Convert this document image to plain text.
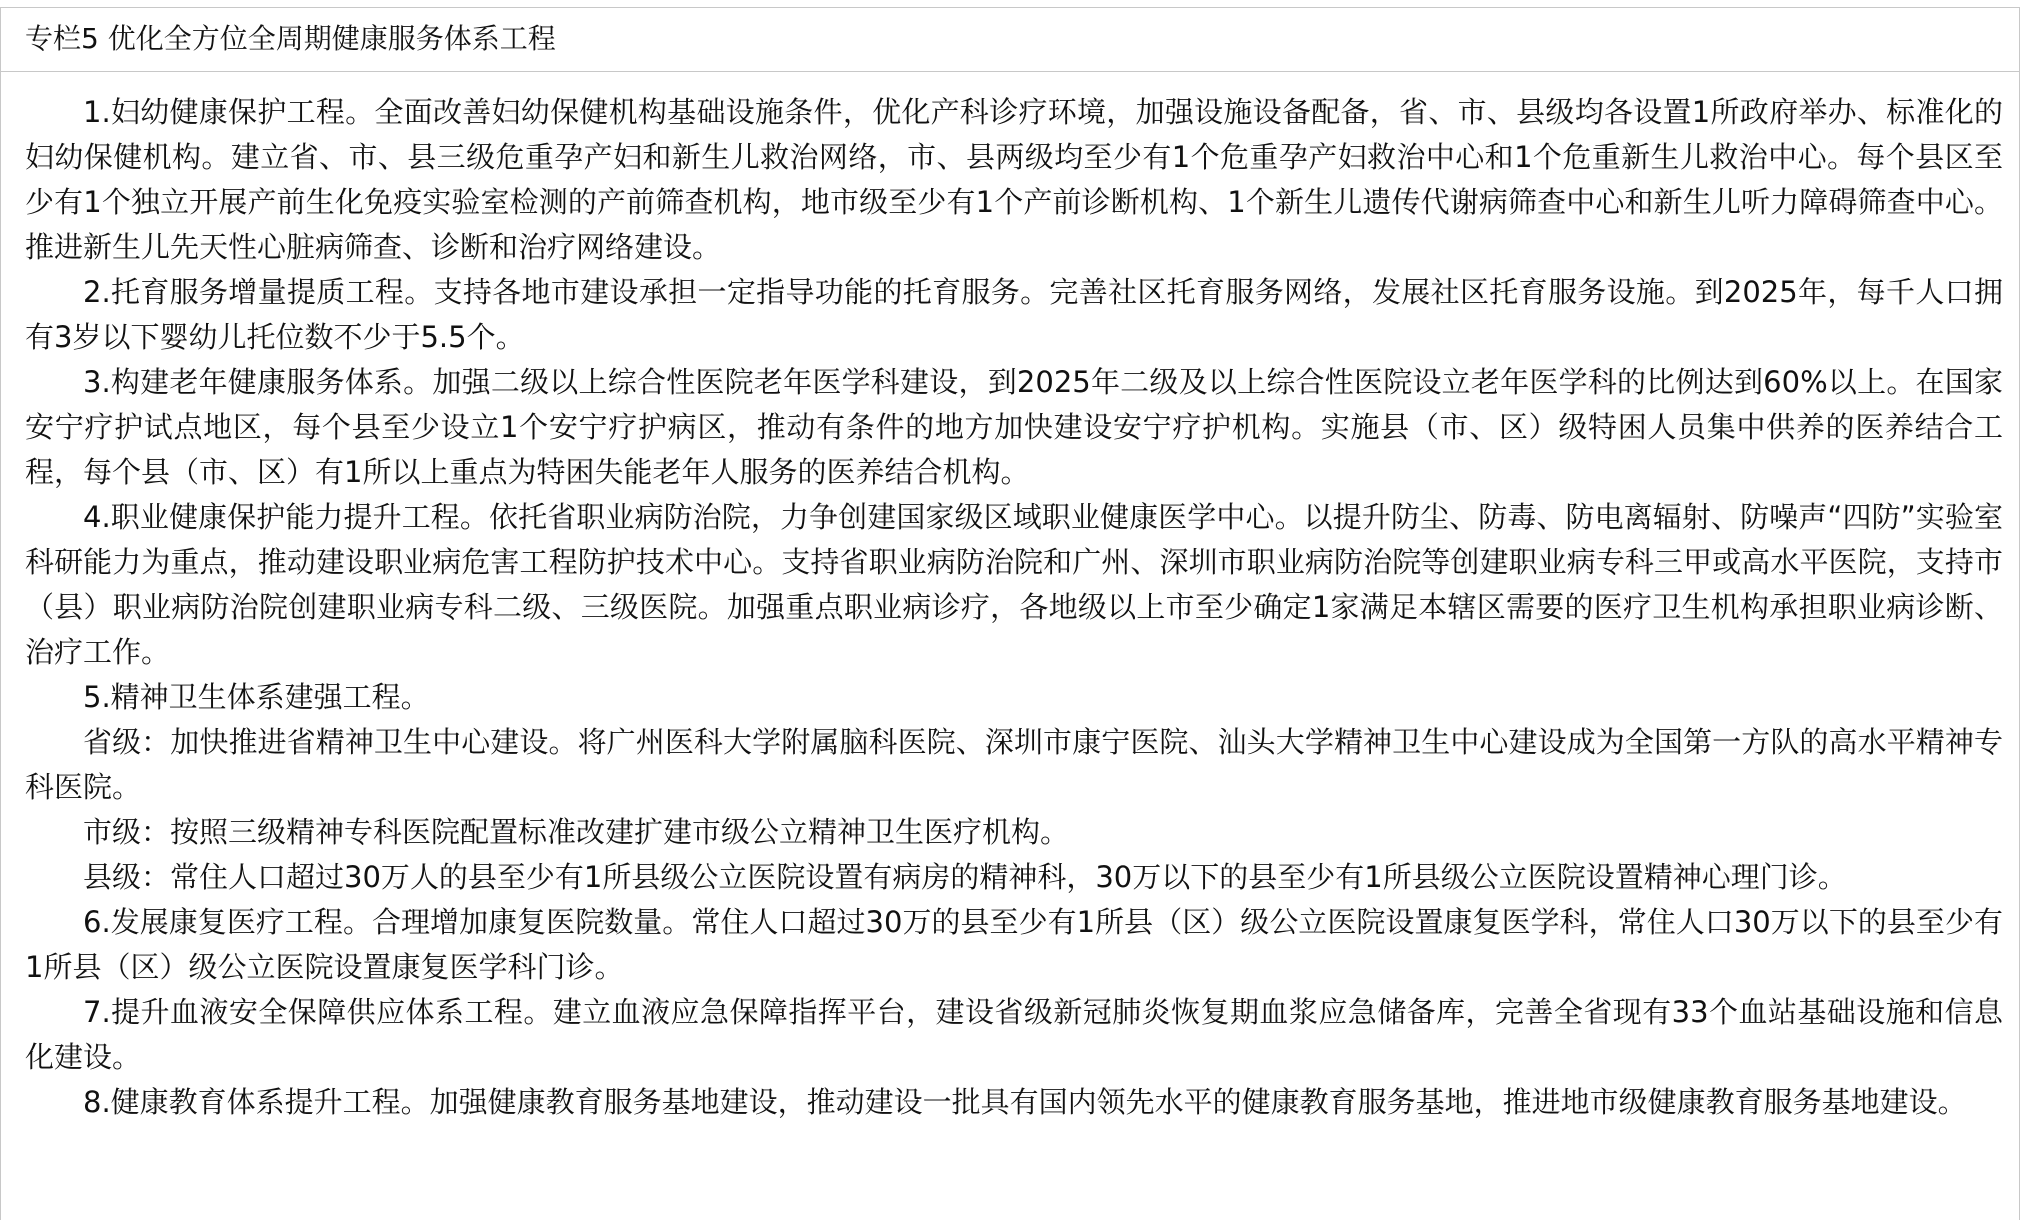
专栏5 优化全方位全周期健康服务体系工程

1.妇幼健康保护工程。全面改善妇幼保健机构基础设施条件，优化产科诊疗环境，加强设施设备配备，省、市、县级均各设置1所政府举办、标准化的妇幼保健机构。建立省、市、县三级危重孕产妇和新生儿救治网络，市、县两级均至少有1个危重孕产妇救治中心和1个危重新生儿救治中心。每个县区至少有1个独立开展产前生化免疫实验室检测的产前筛查机构，地市级至少有1个产前诊断机构、1个新生儿遗传代谢病筛查中心和新生儿听力障碍筛查中心。推进新生儿先天性心脏病筛查、诊断和治疗网络建设。

2.托育服务增量提质工程。支持各地市建设承担一定指导功能的托育服务。完善社区托育服务网络，发展社区托育服务设施。到2025年，每千人口拥有3岁以下婴幼儿托位数不少于5.5个。

3.构建老年健康服务体系。加强二级以上综合性医院老年医学科建设，到2025年二级及以上综合性医院设立老年医学科的比例达到60%以上。在国家安宁疗护试点地区，每个县至少设立1个安宁疗护病区，推动有条件的地方加快建设安宁疗护机构。实施县（市、区）级特困人员集中供养的医养结合工程，每个县（市、区）有1所以上重点为特困失能老年人服务的医养结合机构。

4.职业健康保护能力提升工程。依托省职业病防治院，力争创建国家级区域职业健康医学中心。以提升防尘、防毒、防电离辐射、防噪声“四防”实验室科研能力为重点，推动建设职业病危害工程防护技术中心。支持省职业病防治院和广州、深圳市职业病防治院等创建职业病专科三甲或高水平医院，支持市（县）职业病防治院创建职业病专科二级、三级医院。加强重点职业病诊疗，各地级以上市至少确定1家满足本辖区需要的医疗卫生机构承担职业病诊断、治疗工作。

5.精神卫生体系建强工程。

省级：加快推进省精神卫生中心建设。将广州医科大学附属脑科医院、深圳市康宁医院、汕头大学精神卫生中心建设成为全国第一方队的高水平精神专科医院。

市级：按照三级精神专科医院配置标准改建扩建市级公立精神卫生医疗机构。

县级：常住人口超过30万人的县至少有1所县级公立医院设置有病房的精神科，30万以下的县至少有1所县级公立医院设置精神心理门诊。

6.发展康复医疗工程。合理增加康复医院数量。常住人口超过30万的县至少有1所县（区）级公立医院设置康复医学科，常住人口30万以下的县至少有1所县（区）级公立医院设置康复医学科门诊。

7.提升血液安全保障供应体系工程。建立血液应急保障指挥平台，建设省级新冠肺炎恢复期血浆应急储备库，完善全省现有33个血站基础设施和信息化建设。

8.健康教育体系提升工程。加强健康教育服务基地建设，推动建设一批具有国内领先水平的健康教育服务基地，推进地市级健康教育服务基地建设。
